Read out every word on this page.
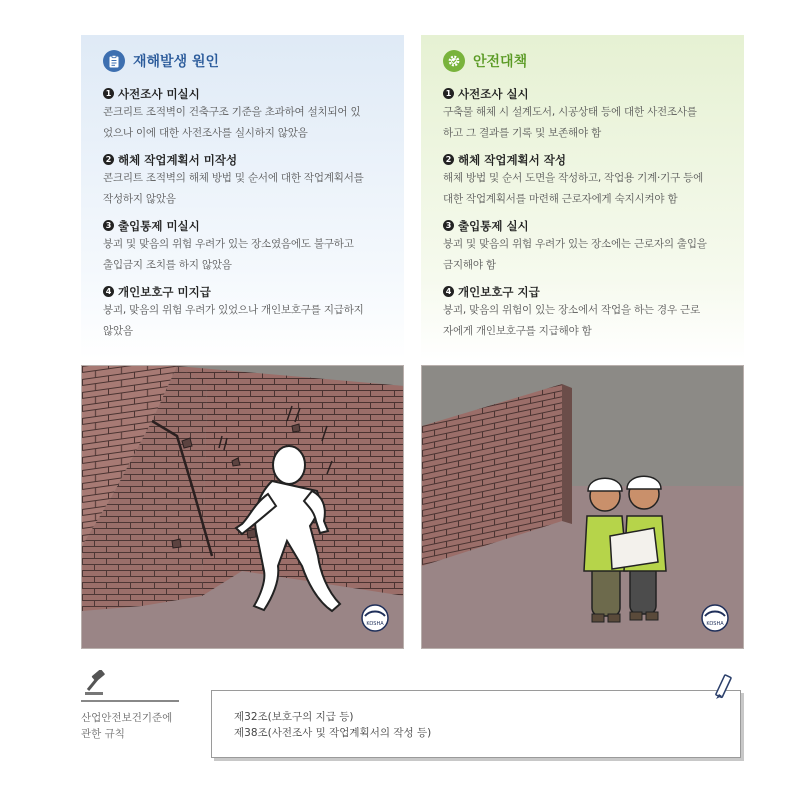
재해발생 원인
1 사전조사 미실시
콘크리트 조적벽이 건축구조 기준을 초과하여 설치되어 있
었으나 이에 대한 사전조사를 실시하지 않았음
2 해체 작업계획서 미작성
콘크리트 조적벽의 해체 방법 및 순서에 대한 작업계획서를
작성하지 않았음
3 출입통제 미실시
붕괴 및 맞음의 위험 우려가 있는 장소였음에도 불구하고
출입금지 조치를 하지 않았음
4 개인보호구 미지급
붕괴, 맞음의 위험 우려가 있었으나 개인보호구를 지급하지
않았음
안전대책
1 사전조사 실시
구축물 해체 시 설계도서, 시공상태 등에 대한 사전조사를
하고 그 결과를 기록 및 보존해야 함
2 해체 작업계획서 작성
해체 방법 및 순서 도면을 작성하고, 작업용 기계·기구 등에
대한 작업계획서를 마련해 근로자에게 숙지시켜야 함
3 출입통제 실시
붕괴 및 맞음의 위험 우려가 있는 장소에는 근로자의 출입을
금지해야 함
4 개인보호구 지급
붕괴, 맞음의 위험이 있는 장소에서 작업을 하는 경우 근로
자에게 개인보호구를 지급해야 함
KOSHA	KOSHA
산업안전보건기준에
관한 규칙
제32조(보호구의 지급 등)
제38조(사전조사 및 작업계획서의 작성 등)
